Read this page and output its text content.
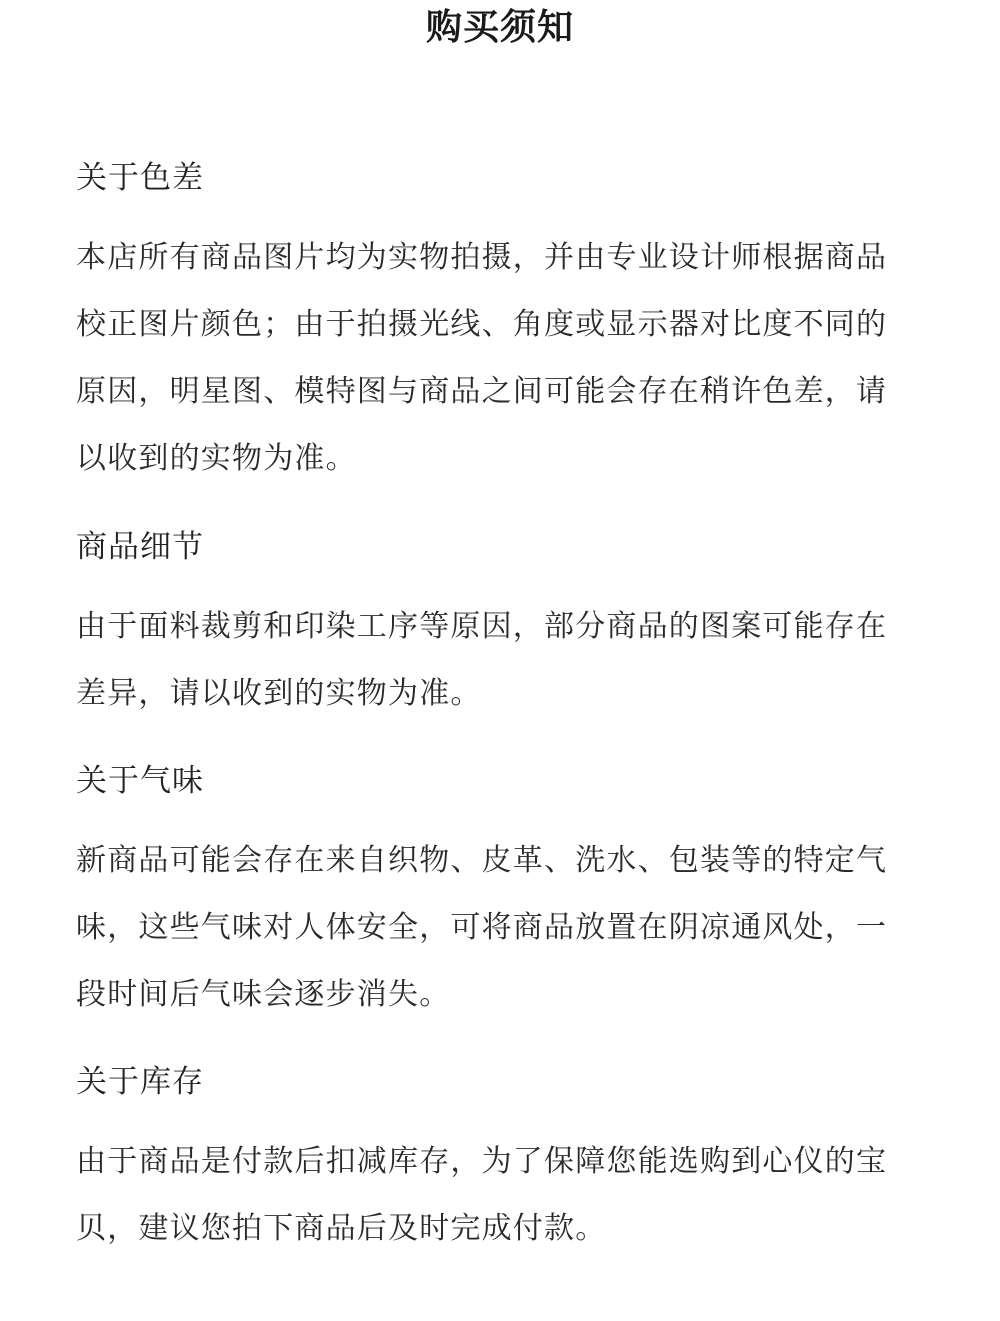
购买须知
关于色差

本店所有商品图片均为实物拍摄，并由专业设计师根据商品
校正图片颜色；由于拍摄光线、角度或显示器对比度不同的
原因，明星图、模特图与商品之间可能会存在稍许色差，请
以收到的实物为准。

商品细节

由于面料裁剪和印染工序等原因，部分商品的图案可能存在
差异，请以收到的实物为准。

关于气味

新商品可能会存在来自织物、皮革、洗水、包装等的特定气
味，这些气味对人体安全，可将商品放置在阴凉通风处，一
段时间后气味会逐步消失。

关于库存

由于商品是付款后扣减库存，为了保障您能选购到心仪的宝
贝，建议您拍下商品后及时完成付款。
